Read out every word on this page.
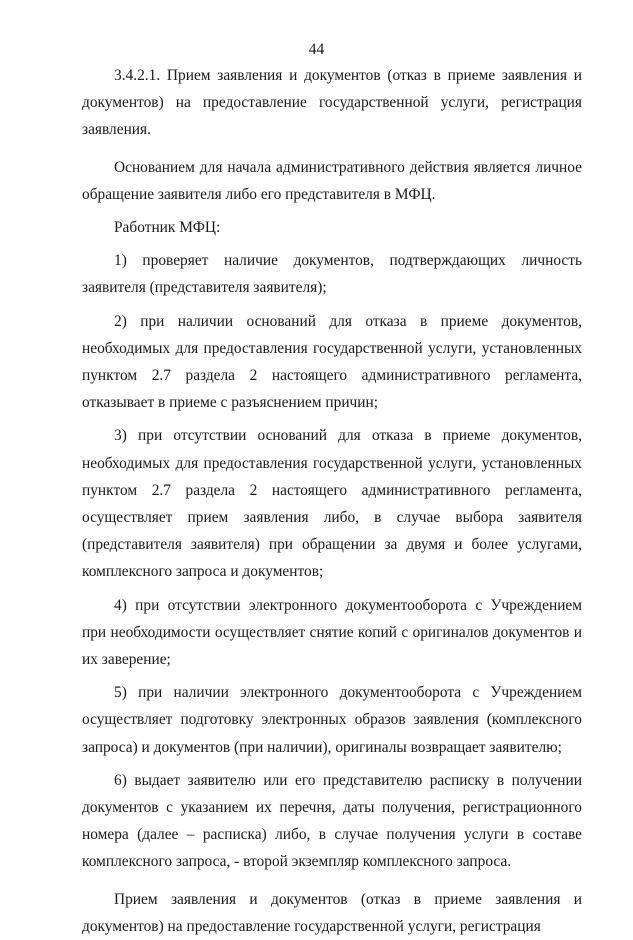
44

3.4.2.1. Прием заявления и документов (отказ в приеме заявления и документов) на предоставление государственной услуги, регистрация заявления.

Основанием для начала административного действия является личное обращение заявителя либо его представителя в МФЦ.

Работник МФЦ:

1) проверяет наличие документов, подтверждающих личность заявителя (представителя заявителя);

2) при наличии оснований для отказа в приеме документов, необходимых для предоставления государственной услуги, установленных пунктом 2.7 раздела 2 настоящего административного регламента, отказывает в приеме с разъяснением причин;

3) при отсутствии оснований для отказа в приеме документов, необходимых для предоставления государственной услуги, установленных пунктом 2.7 раздела 2 настоящего административного регламента, осуществляет прием заявления либо, в случае выбора заявителя (представителя заявителя) при обращении за двумя и более услугами, комплексного запроса и документов;

4) при отсутствии электронного документооборота с Учреждением при необходимости осуществляет снятие копий с оригиналов документов и их заверение;

5) при наличии электронного документооборота с Учреждением осуществляет подготовку электронных образов заявления (комплексного запроса) и документов (при наличии), оригиналы возвращает заявителю;

6) выдает заявителю или его представителю расписку в получении документов с указанием их перечня, даты получения, регистрационного номера (далее – расписка) либо, в случае получения услуги в составе комплексного запроса, - второй экземпляр комплексного запроса.

Прием заявления и документов (отказ в приеме заявления и документов) на предоставление государственной услуги, регистрация
